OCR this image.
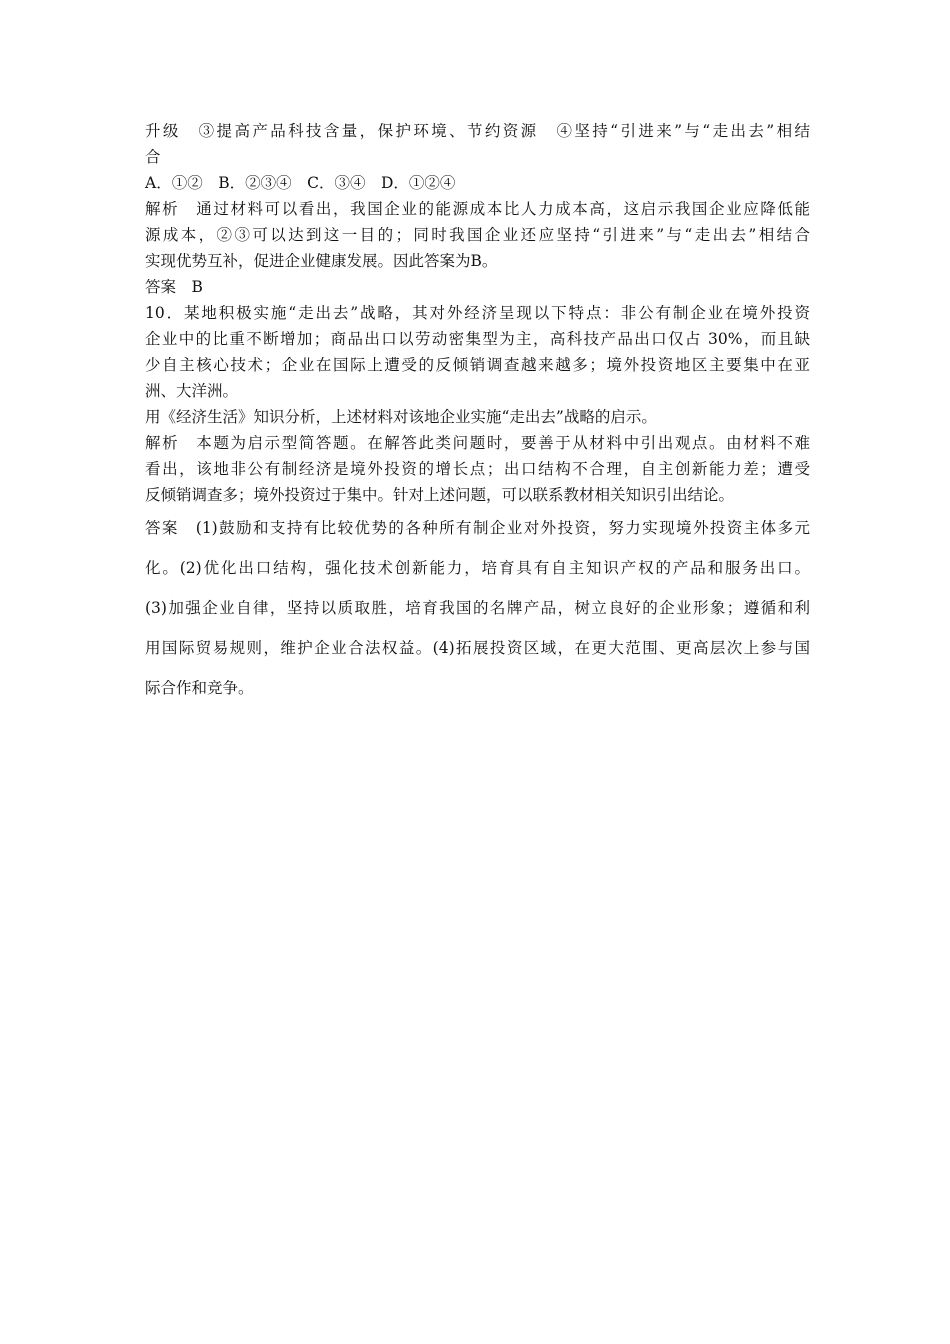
升级　③提高产品科技含量，保护环境、节约资源　④坚持“引进来”与“走出去”相结
合
A．①②　B．②③④　C．③④　D．①②④
解析　通过材料可以看出，我国企业的能源成本比人力成本高，这启示我国企业应降低能
源成本，②③可以达到这一目的；同时我国企业还应坚持“引进来”与“走出去”相结合
实现优势互补，促进企业健康发展。因此答案为B。
答案　B
10．某地积极实施“走出去”战略，其对外经济呈现以下特点：非公有制企业在境外投资
企业中的比重不断增加；商品出口以劳动密集型为主，高科技产品出口仅占 30%，而且缺
少自主核心技术；企业在国际上遭受的反倾销调查越来越多；境外投资地区主要集中在亚
洲、大洋洲。
用《经济生活》知识分析，上述材料对该地企业实施“走出去”战略的启示。
解析　本题为启示型简答题。在解答此类问题时，要善于从材料中引出观点。由材料不难
看出，该地非公有制经济是境外投资的增长点；出口结构不合理，自主创新能力差；遭受
反倾销调查多；境外投资过于集中。针对上述问题，可以联系教材相关知识引出结论。
答案　(1)鼓励和支持有比较优势的各种所有制企业对外投资，努力实现境外投资主体多元
化。(2)优化出口结构，强化技术创新能力，培育具有自主知识产权的产品和服务出口。
(3)加强企业自律，坚持以质取胜，培育我国的名牌产品，树立良好的企业形象；遵循和利
用国际贸易规则，维护企业合法权益。(4)拓展投资区域，在更大范围、更高层次上参与国
际合作和竞争。
